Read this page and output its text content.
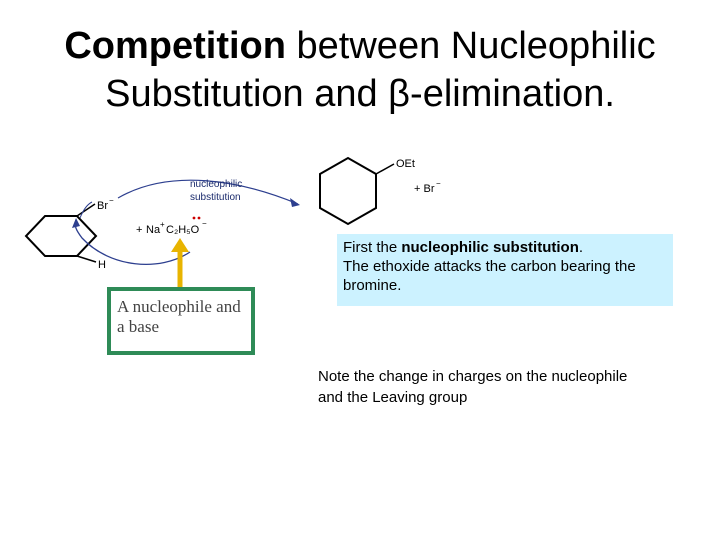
Competition between Nucleophilic
Substitution and β-elimination.
Br −
H
+ Na + C₂H₅O
−
nucleophilic
substitution
OEt
+ Br −
A nucleophile and a base
First the nucleophilic substitution.
The ethoxide attacks the carbon bearing the bromine.
Note the change in charges on the nucleophile and the Leaving group
